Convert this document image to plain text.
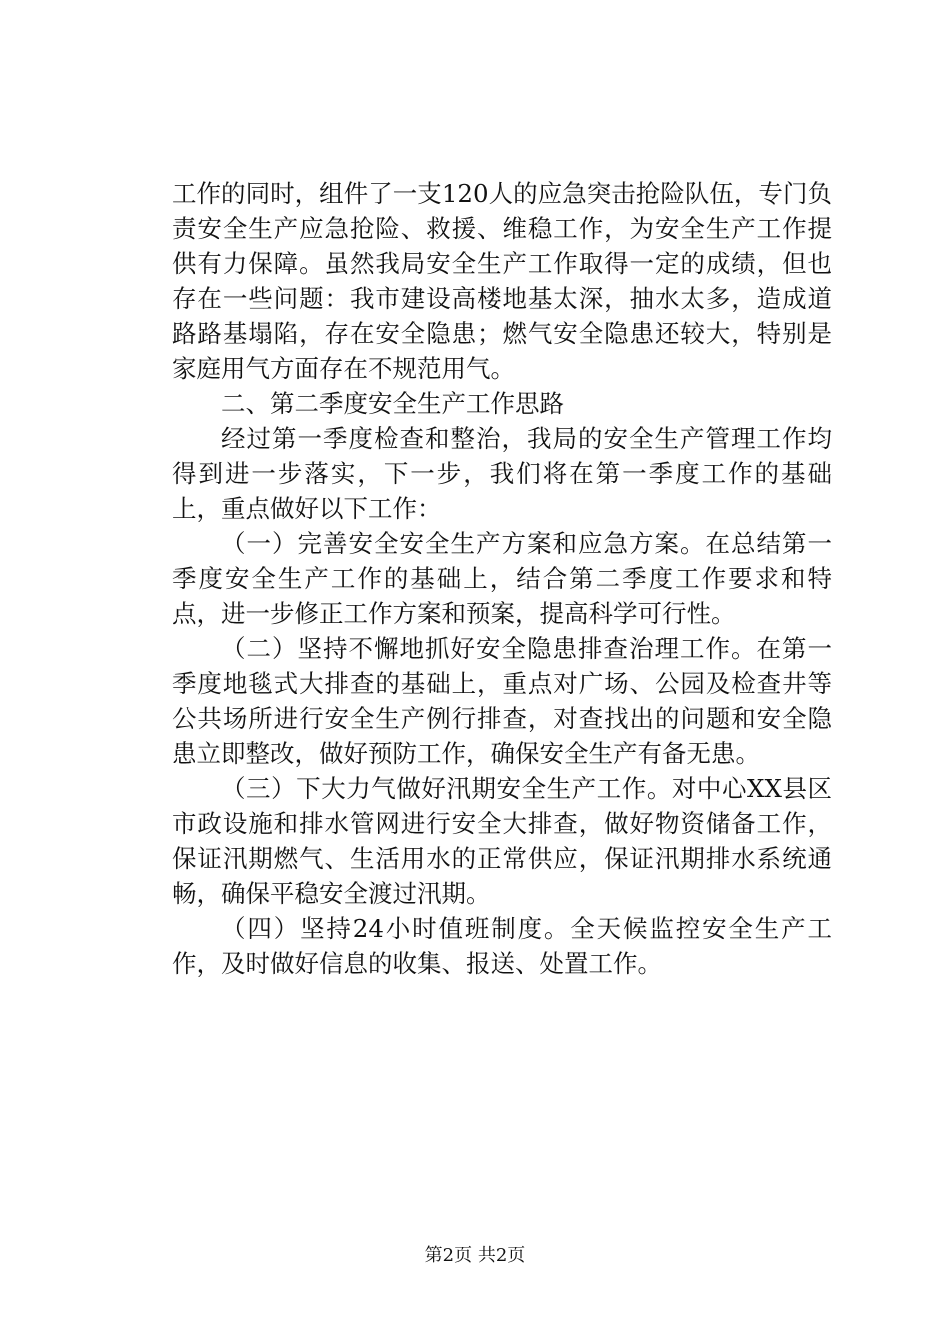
工作的同时，组件了一支120人的应急突击抢险队伍，专门负责安全生产应急抢险、救援、维稳工作，为安全生产工作提供有力保障。虽然我局安全生产工作取得一定的成绩，但也存在一些问题：我市建设高楼地基太深，抽水太多，造成道路路基塌陷，存在安全隐患；燃气安全隐患还较大，特别是家庭用气方面存在不规范用气。

二、第二季度安全生产工作思路

经过第一季度检查和整治，我局的安全生产管理工作均得到进一步落实，下一步，我们将在第一季度工作的基础上，重点做好以下工作：

（一）完善安全安全生产方案和应急方案。在总结第一季度安全生产工作的基础上，结合第二季度工作要求和特点，进一步修正工作方案和预案，提高科学可行性。

（二）坚持不懈地抓好安全隐患排查治理工作。在第一季度地毯式大排查的基础上，重点对广场、公园及检查井等公共场所进行安全生产例行排查，对查找出的问题和安全隐患立即整改，做好预防工作，确保安全生产有备无患。

（三）下大力气做好汛期安全生产工作。对中心XX县区市政设施和排水管网进行安全大排查，做好物资储备工作，保证汛期燃气、生活用水的正常供应，保证汛期排水系统通畅，确保平稳安全渡过汛期。

（四）坚持24小时值班制度。全天候监控安全生产工作，及时做好信息的收集、报送、处置工作。

第2页 共2页
